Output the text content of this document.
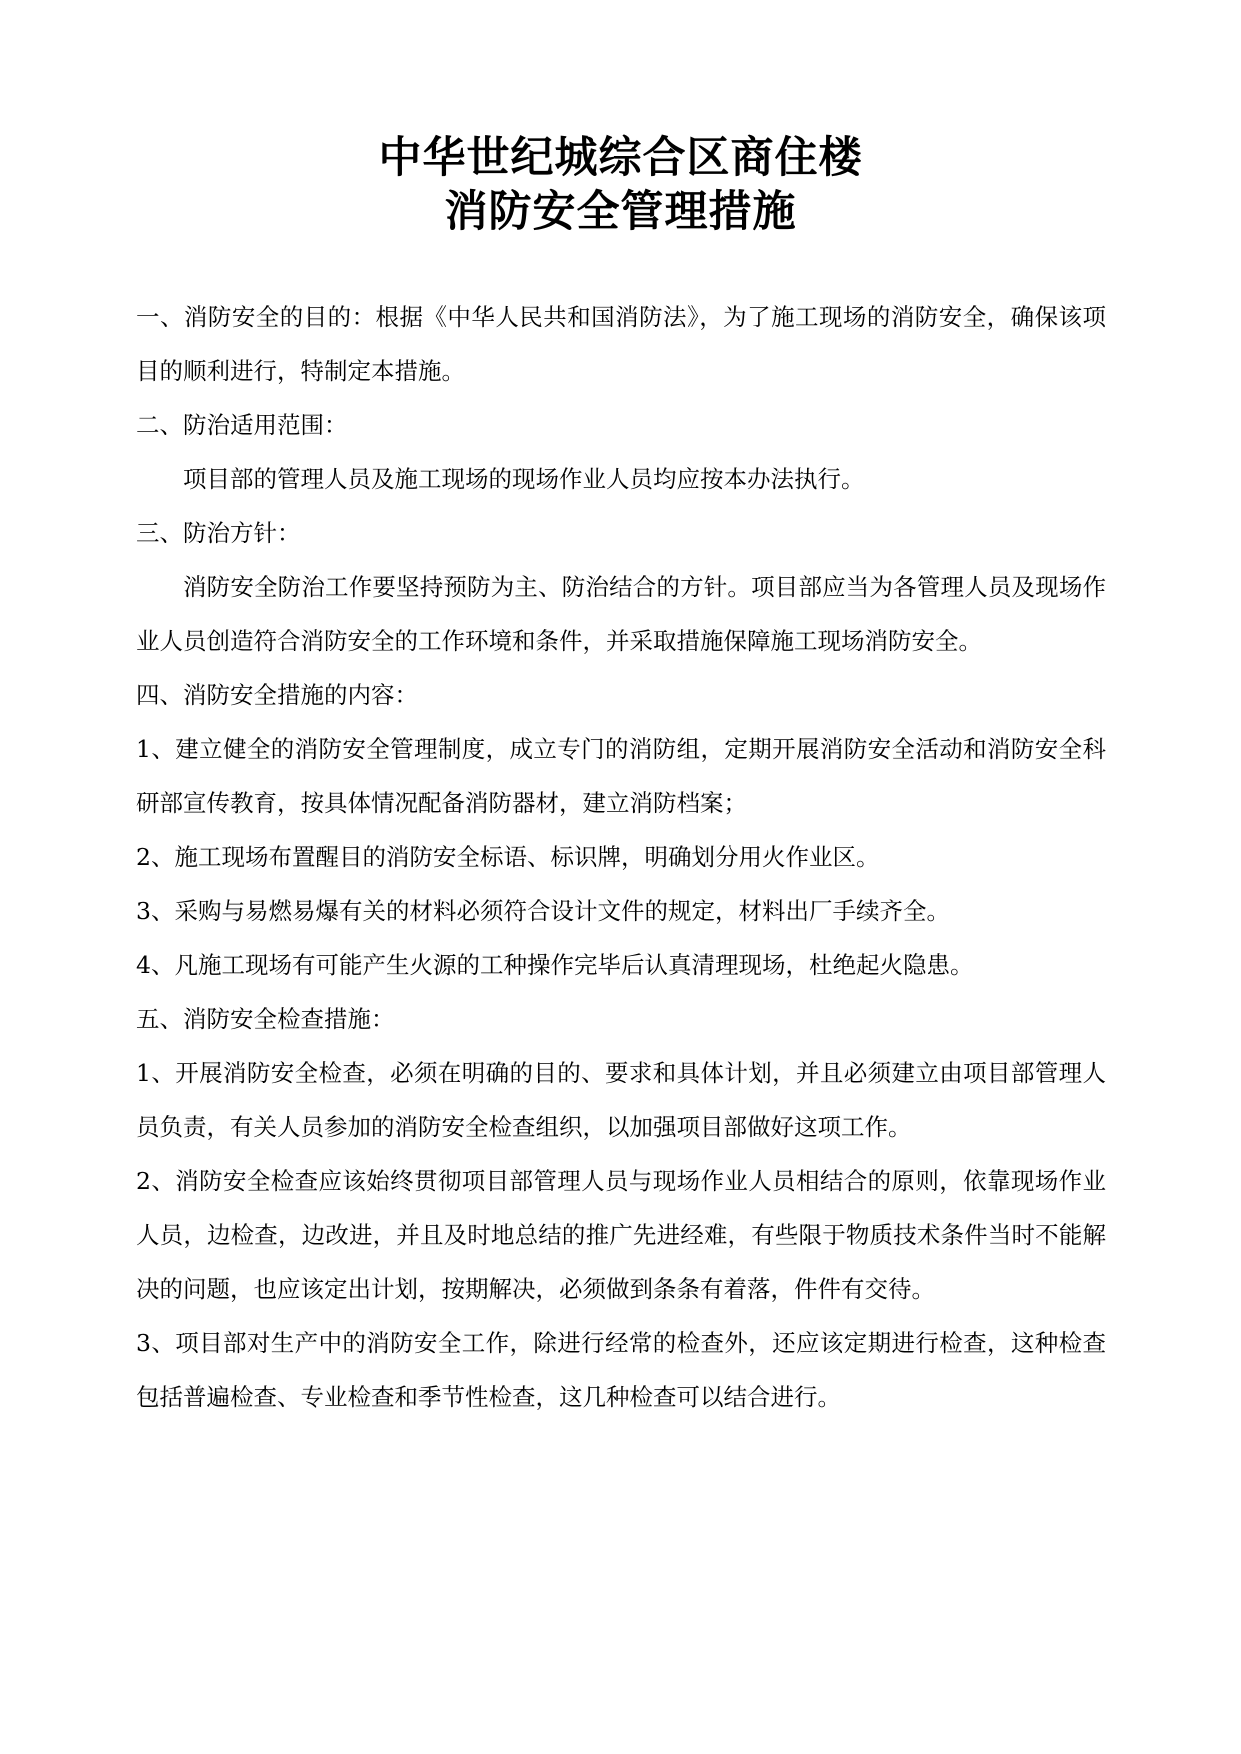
中华世纪城综合区商住楼
消防安全管理措施

一、消防安全的目的：根据《中华人民共和国消防法》，为了施工现场的消防安全，确保该项目的顺利进行，特制定本措施。

二、防治适用范围：

项目部的管理人员及施工现场的现场作业人员均应按本办法执行。

三、防治方针：

消防安全防治工作要坚持预防为主、防治结合的方针。项目部应当为各管理人员及现场作业人员创造符合消防安全的工作环境和条件，并采取措施保障施工现场消防安全。

四、消防安全措施的内容：

1、建立健全的消防安全管理制度，成立专门的消防组，定期开展消防安全活动和消防安全科研部宣传教育，按具体情况配备消防器材，建立消防档案；

2、施工现场布置醒目的消防安全标语、标识牌，明确划分用火作业区。

3、采购与易燃易爆有关的材料必须符合设计文件的规定，材料出厂手续齐全。

4、凡施工现场有可能产生火源的工种操作完毕后认真清理现场，杜绝起火隐患。

五、消防安全检查措施：

1、开展消防安全检查，必须在明确的目的、要求和具体计划，并且必须建立由项目部管理人员负责，有关人员参加的消防安全检查组织，以加强项目部做好这项工作。

2、消防安全检查应该始终贯彻项目部管理人员与现场作业人员相结合的原则，依靠现场作业人员，边检查，边改进，并且及时地总结的推广先进经难，有些限于物质技术条件当时不能解决的问题，也应该定出计划，按期解决，必须做到条条有着落，件件有交待。

3、项目部对生产中的消防安全工作，除进行经常的检查外，还应该定期进行检查，这种检查包括普遍检查、专业检查和季节性检查，这几种检查可以结合进行。
